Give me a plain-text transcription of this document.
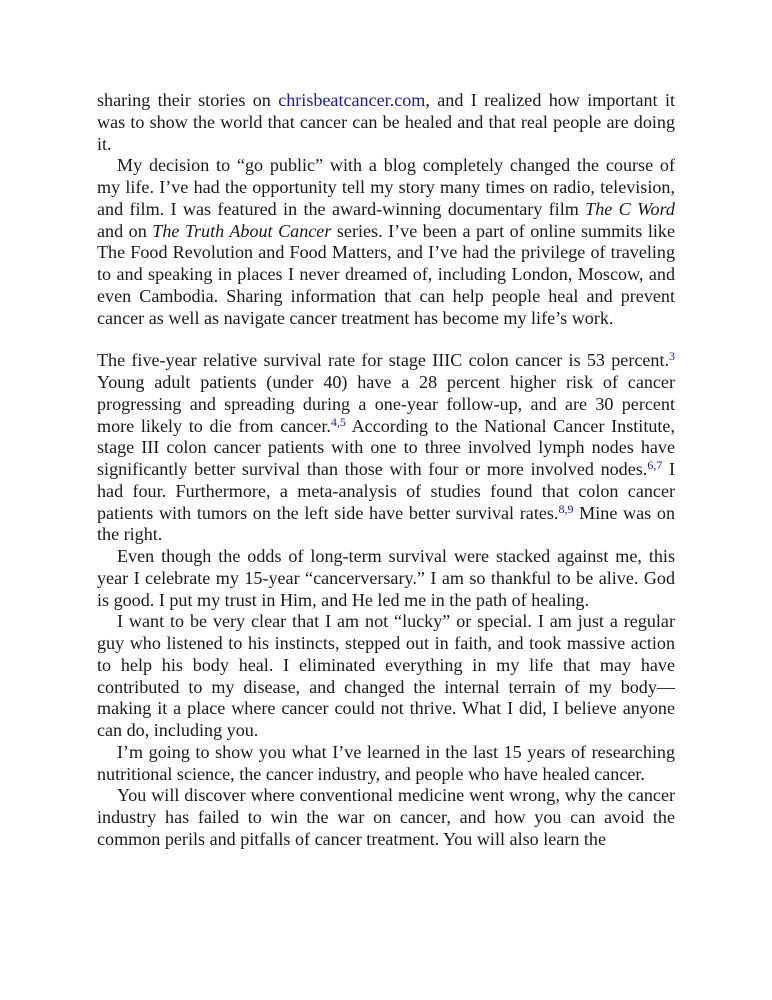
sharing their stories on chrisbeatcancer.com, and I realized how important it was to show the world that cancer can be healed and that real people are doing it.

My decision to “go public” with a blog completely changed the course of my life. I’ve had the opportunity tell my story many times on radio, television, and film. I was featured in the award-winning documentary film The C Word and on The Truth About Cancer series. I’ve been a part of online summits like The Food Revolution and Food Matters, and I’ve had the privilege of traveling to and speaking in places I never dreamed of, including London, Moscow, and even Cambodia. Sharing information that can help people heal and prevent cancer as well as navigate cancer treatment has become my life’s work.

The five-year relative survival rate for stage IIIC colon cancer is 53 percent.$^3$ Young adult patients (under 40) have a 28 percent higher risk of cancer progressing and spreading during a one-year follow-up, and are 30 percent more likely to die from cancer.$^{4,5}$ According to the National Cancer Institute, stage III colon cancer patients with one to three involved lymph nodes have significantly better survival than those with four or more involved nodes.$^{6,7}$ I had four. Furthermore, a meta-analysis of studies found that colon cancer patients with tumors on the left side have better survival rates.$^{8,9}$ Mine was on the right.

Even though the odds of long-term survival were stacked against me, this year I celebrate my 15-year “cancerversary.” I am so thankful to be alive. God is good. I put my trust in Him, and He led me in the path of healing.

I want to be very clear that I am not “lucky” or special. I am just a regular guy who listened to his instincts, stepped out in faith, and took massive action to help his body heal. I eliminated everything in my life that may have contributed to my disease, and changed the internal terrain of my body—making it a place where cancer could not thrive. What I did, I believe anyone can do, including you.

I’m going to show you what I’ve learned in the last 15 years of researching nutritional science, the cancer industry, and people who have healed cancer.

You will discover where conventional medicine went wrong, why the cancer industry has failed to win the war on cancer, and how you can avoid the common perils and pitfalls of cancer treatment. You will also learn the
